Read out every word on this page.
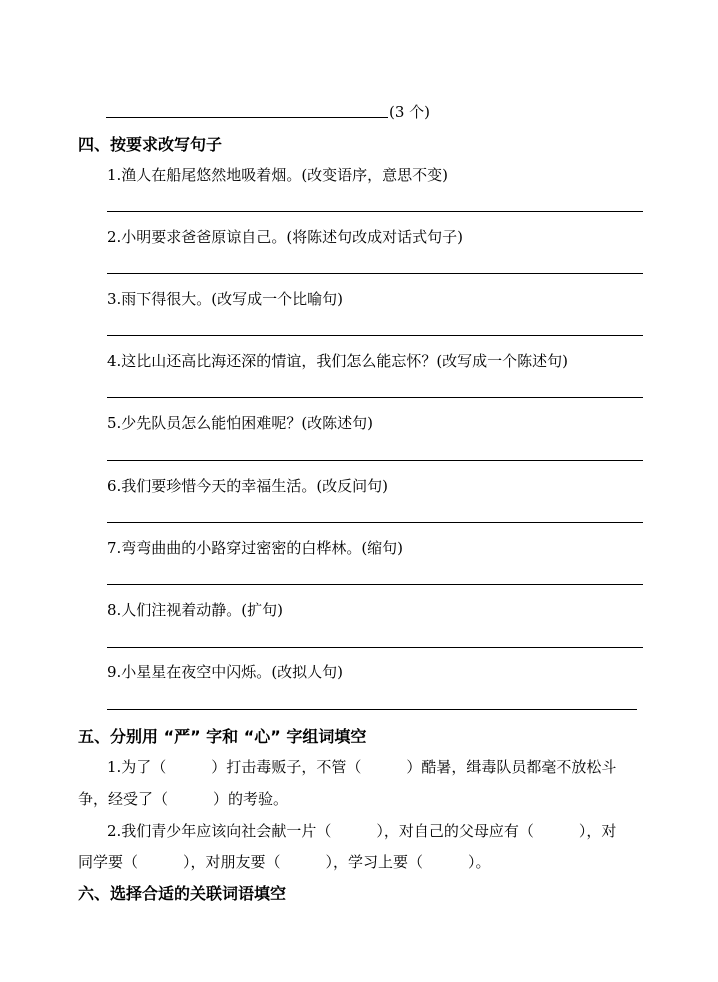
(3 个)
四、按要求改写句子
1.渔人在船尾悠然地吸着烟。(改变语序，意思不变)
2.小明要求爸爸原谅自己。(将陈述句改成对话式句子)
3.雨下得很大。(改写成一个比喻句)
4.这比山还高比海还深的情谊，我们怎么能忘怀？(改写成一个陈述句)
5.少先队员怎么能怕困难呢？(改陈述句)
6.我们要珍惜今天的幸福生活。(改反问句)
7.弯弯曲曲的小路穿过密密的白桦林。(缩句)
8.人们注视着动静。(扩句)
9.小星星在夜空中闪烁。(改拟人句)
五、分别用 “严” 字和 “心” 字组词填空
1.为了（　　　）打击毒贩子，不管（　　　）酷暑，缉毒队员都毫不放松斗
争，经受了（　　　）的考验。
2.我们青少年应该向社会献一片（　　　），对自己的父母应有（　　　），对
同学要（　　　），对朋友要（　　　），学习上要（　　　）。
六、选择合适的关联词语填空
